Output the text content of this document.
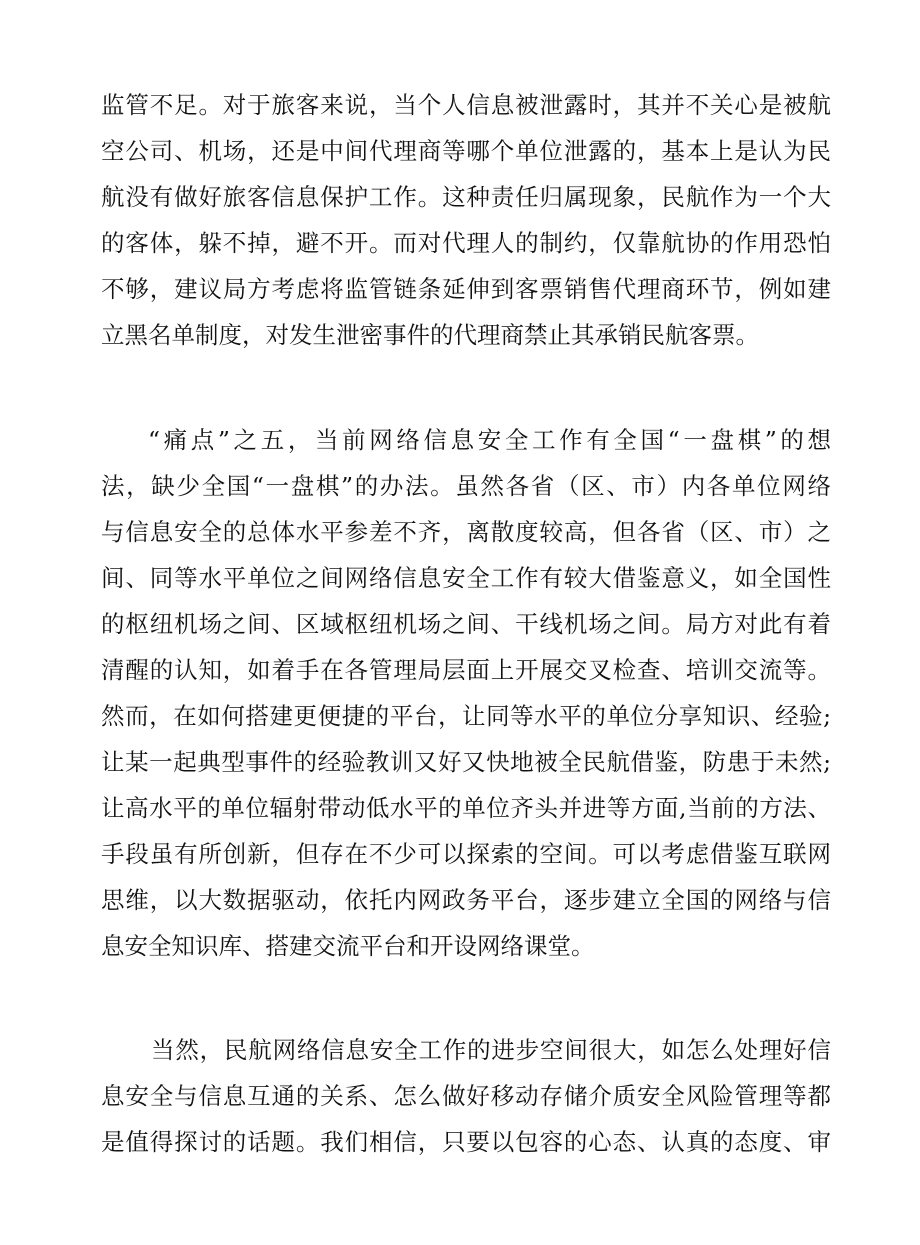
监管不足。对于旅客来说，当个人信息被泄露时，其并不关心是被航
空公司、机场，还是中间代理商等哪个单位泄露的，基本上是认为民
航没有做好旅客信息保护工作。这种责任归属现象，民航作为一个大
的客体，躲不掉，避不开。而对代理人的制约，仅靠航协的作用恐怕
不够，建议局方考虑将监管链条延伸到客票销售代理商环节，例如建
立黑名单制度，对发生泄密事件的代理商禁止其承销民航客票。
“痛点”之五，当前网络信息安全工作有全国“一盘棋”的想
法，缺少全国“一盘棋”的办法。虽然各省（区、市）内各单位网络
与信息安全的总体水平参差不齐，离散度较高，但各省（区、市）之
间、同等水平单位之间网络信息安全工作有较大借鉴意义，如全国性
的枢纽机场之间、区域枢纽机场之间、干线机场之间。局方对此有着
清醒的认知，如着手在各管理局层面上开展交叉检查、培训交流等。
然而，在如何搭建更便捷的平台，让同等水平的单位分享知识、经验;
让某一起典型事件的经验教训又好又快地被全民航借鉴，防患于未然;
让高水平的单位辐射带动低水平的单位齐头并进等方面,当前的方法、
手段虽有所创新，但存在不少可以探索的空间。可以考虑借鉴互联网
思维，以大数据驱动，依托内网政务平台，逐步建立全国的网络与信
息安全知识库、搭建交流平台和开设网络课堂。
当然，民航网络信息安全工作的进步空间很大，如怎么处理好信
息安全与信息互通的关系、怎么做好移动存储介质安全风险管理等都
是值得探讨的话题。我们相信，只要以包容的心态、认真的态度、审
